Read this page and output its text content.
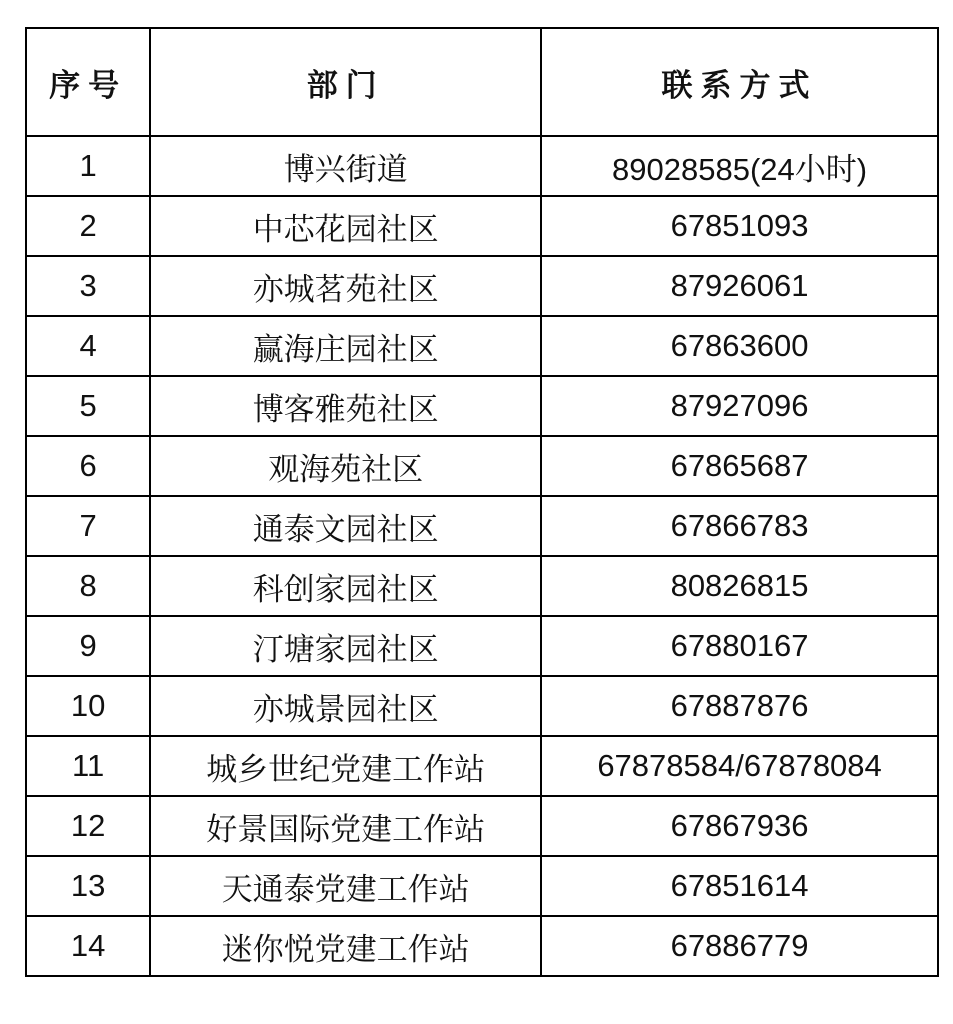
序号	部门	联系方式
1	博兴街道	89028585(24小时)
2	中芯花园社区	67851093
3	亦城茗苑社区	87926061
4	赢海庄园社区	67863600
5	博客雅苑社区	87927096
6	观海苑社区	67865687
7	通泰文园社区	67866783
8	科创家园社区	80826815
9	汀塘家园社区	67880167
10	亦城景园社区	67887876
11	城乡世纪党建工作站	67878584/67878084
12	好景国际党建工作站	67867936
13	天通泰党建工作站	67851614
14	迷你悦党建工作站	67886779
